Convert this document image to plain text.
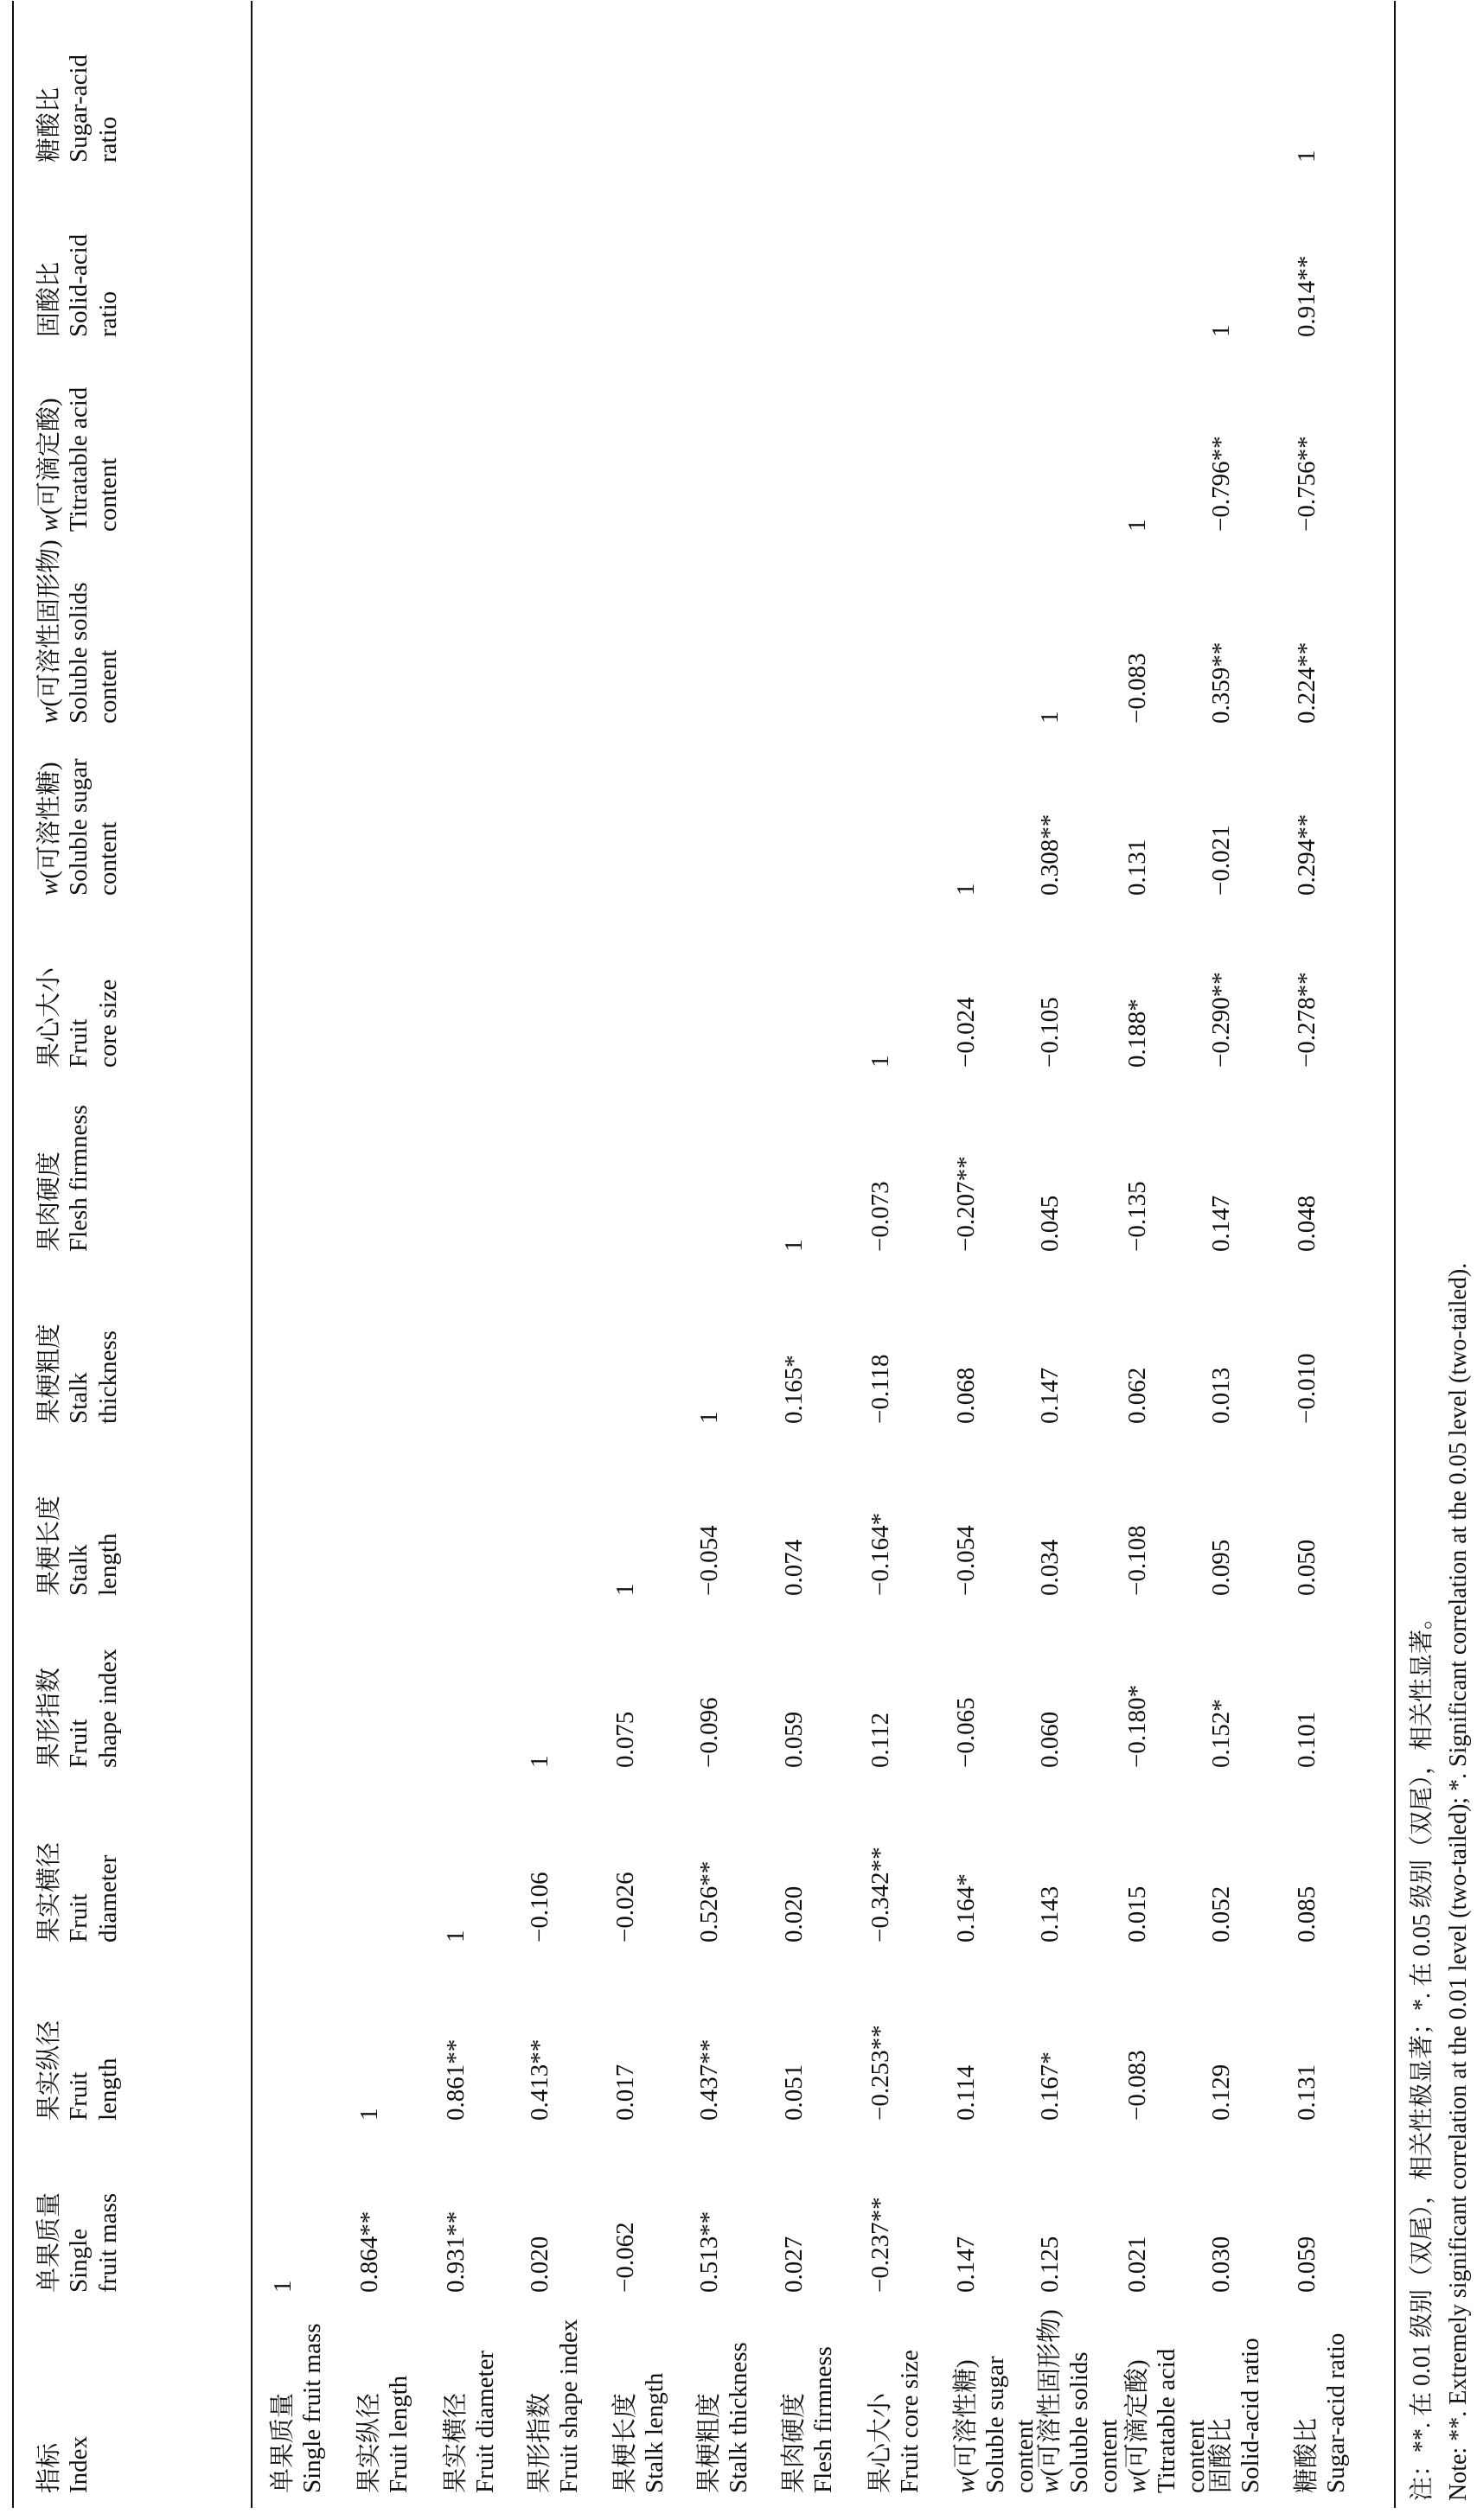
指标 Index
单果质量 Single fruit mass
果实纵径 Fruit length
果实横径 Fruit diameter
果形指数 Fruit shape index
果梗长度 Stalk length
果梗粗度 Stalk thickness
果肉硬度 Flesh firmness
果心大小 Fruit core size
w(可溶性糖) Soluble sugar content
w(可溶性固形物) Soluble solids content
w(可滴定酸) Titratable acid content
固酸比 Solid-acid ratio
糖酸比 Sugar-acid ratio
单果质量 Single fruit mass
1
果实纵径 Fruit length
0.864**
1
果实横径 Fruit diameter
0.931**
0.861**
1
果形指数 Fruit shape index
0.020
0.413**
−0.106
1
果梗长度 Stalk length
−0.062
0.017
−0.026
0.075
1
果梗粗度 Stalk thickness
0.513**
0.437**
0.526**
−0.096
−0.054
1
果肉硬度 Flesh firmness
0.027
0.051
0.020
0.059
0.074
0.165*
1
果心大小 Fruit core size
−0.237**
−0.253**
−0.342**
0.112
−0.164*
−0.118
−0.073
1
w(可溶性糖) Soluble sugar content
0.147
0.114
0.164*
−0.065
−0.054
0.068
−0.207**
−0.024
1
w(可溶性固形物) Soluble solids content
0.125
0.167*
0.143
0.060
0.034
0.147
0.045
−0.105
0.308**
1
w(可滴定酸) Titratable acid content
0.021
−0.083
0.015
−0.180*
−0.108
0.062
−0.135
0.188*
0.131
−0.083
1
固酸比 Solid-acid ratio
0.030
0.129
0.052
0.152*
0.095
0.013
0.147
−0.290**
−0.021
0.359**
−0.796**
1
糖酸比 Sugar-acid ratio
0.059
0.131
0.085
0.101
0.050
−0.010
0.048
−0.278**
0.294**
0.224**
−0.756**
0.914**
1
注：**. 在 0.01 级别（双尾），相关性极显著；*. 在 0.05 级别（双尾），相关性显著。 Note: **. Extremely significant correlation at the 0.01 level (two-tailed); *. Significant correlation at the 0.05 level (two-tailed).
